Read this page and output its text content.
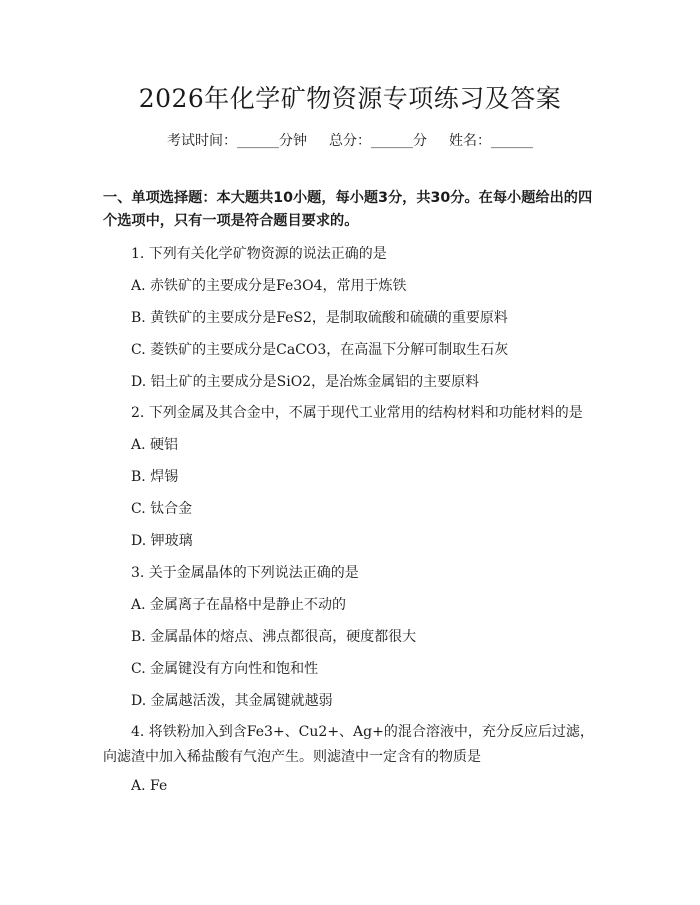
2026年化学矿物资源专项练习及答案
考试时间：______分钟 总分：______分 姓名：______
一、单项选择题：本大题共10小题，每小题3分，共30分。在每小题给出的四个选项中，只有一项是符合题目要求的。
1. 下列有关化学矿物资源的说法正确的是
A. 赤铁矿的主要成分是Fe3O4，常用于炼铁
B. 黄铁矿的主要成分是FeS2，是制取硫酸和硫磺的重要原料
C. 菱铁矿的主要成分是CaCO3，在高温下分解可制取生石灰
D. 铝土矿的主要成分是SiO2，是冶炼金属铝的主要原料
2. 下列金属及其合金中，不属于现代工业常用的结构材料和功能材料的是
A. 硬铝
B. 焊锡
C. 钛合金
D. 钾玻璃
3. 关于金属晶体的下列说法正确的是
A. 金属离子在晶格中是静止不动的
B. 金属晶体的熔点、沸点都很高，硬度都很大
C. 金属键没有方向性和饱和性
D. 金属越活泼，其金属键就越弱
4. 将铁粉加入到含Fe3+、Cu2+、Ag+的混合溶液中，充分反应后过滤，向滤渣中加入稀盐酸有气泡产生。则滤渣中一定含有的物质是
A. Fe
